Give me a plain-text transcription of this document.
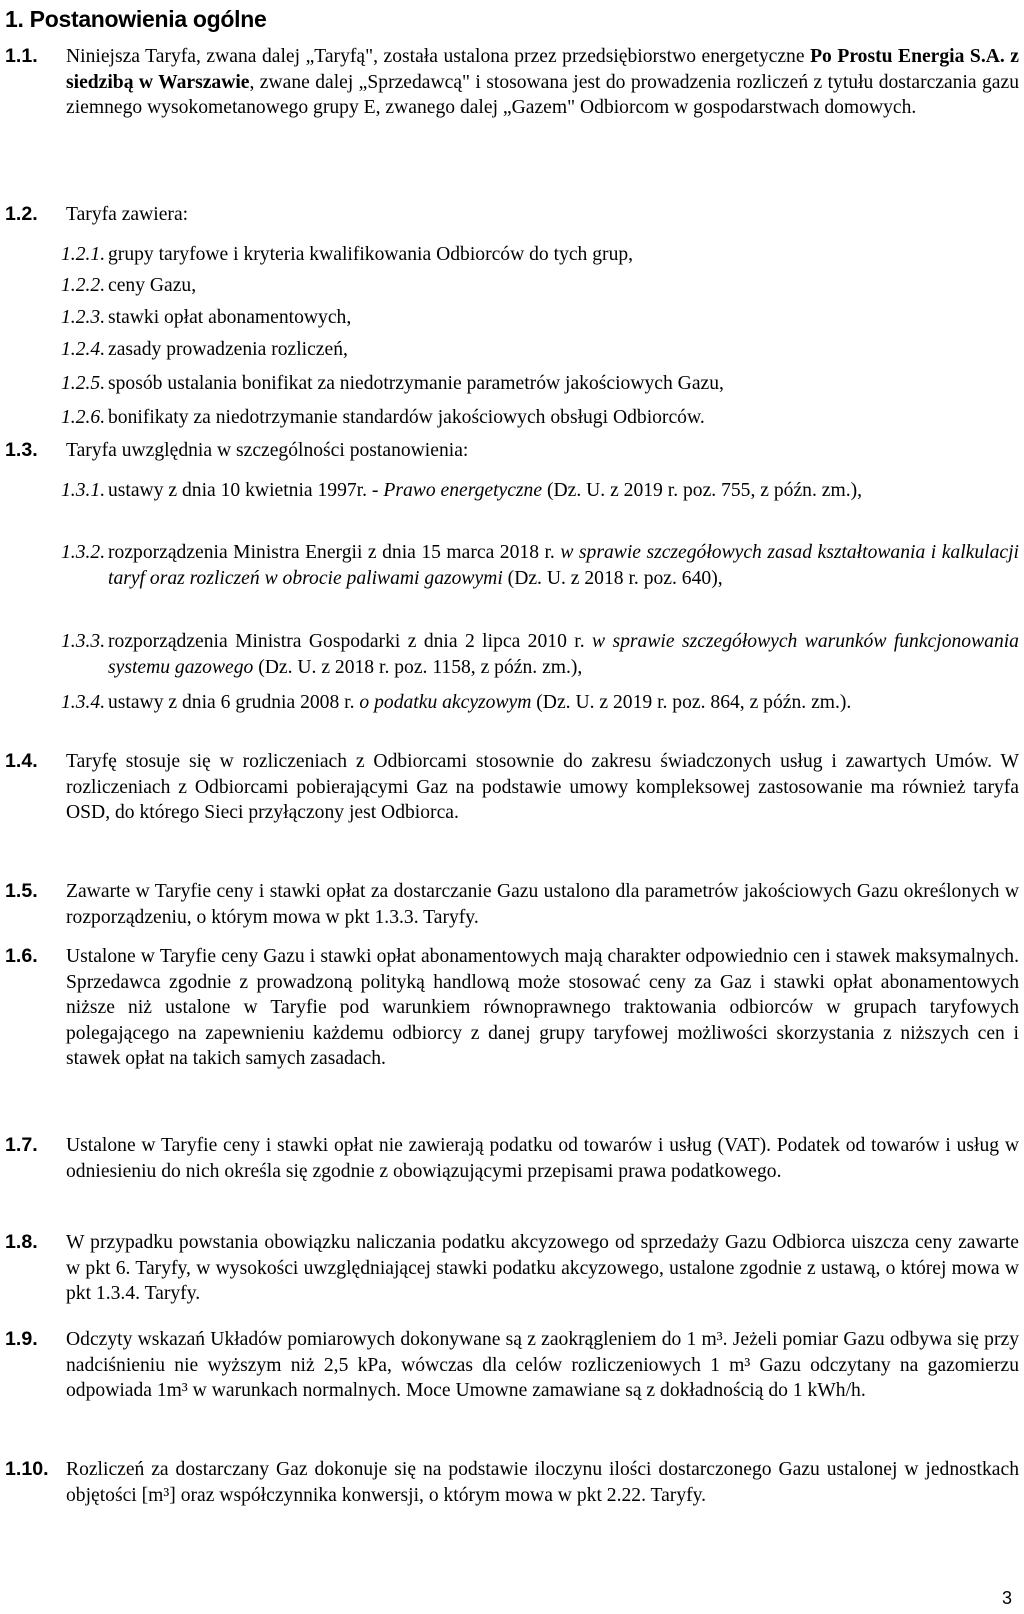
1. Postanowienia ogólne
1.1. Niniejsza Taryfa, zwana dalej „Taryfą", została ustalona przez przedsiębiorstwo energetyczne Po Prostu Energia S.A. z siedzibą w Warszawie, zwane dalej „Sprzedawcą" i stosowana jest do prowadzenia rozliczeń z tytułu dostarczania gazu ziemnego wysokometanowego grupy E, zwanego dalej „Gazem" Odbiorcom w gospodarstwach domowych.
1.2. Taryfa zawiera:
1.2.1. grupy taryfowe i kryteria kwalifikowania Odbiorców do tych grup,
1.2.2. ceny Gazu,
1.2.3. stawki opłat abonamentowych,
1.2.4. zasady prowadzenia rozliczeń,
1.2.5. sposób ustalania bonifikat za niedotrzymanie parametrów jakościowych Gazu,
1.2.6. bonifikaty za niedotrzymanie standardów jakościowych obsługi Odbiorców.
1.3. Taryfa uwzględnia w szczególności postanowienia:
1.3.1. ustawy z dnia 10 kwietnia 1997r. - Prawo energetyczne (Dz. U. z 2019 r. poz. 755, z późn. zm.),
1.3.2. rozporządzenia Ministra Energii z dnia 15 marca 2018 r. w sprawie szczegółowych zasad kształtowania i kalkulacji taryf oraz rozliczeń w obrocie paliwami gazowymi (Dz. U. z 2018 r. poz. 640),
1.3.3. rozporządzenia Ministra Gospodarki z dnia 2 lipca 2010 r. w sprawie szczegółowych warunków funkcjonowania systemu gazowego (Dz. U. z 2018 r. poz. 1158, z późn. zm.),
1.3.4. ustawy z dnia 6 grudnia 2008 r. o podatku akcyzowym (Dz. U. z 2019 r. poz. 864, z późn. zm.).
1.4. Taryfę stosuje się w rozliczeniach z Odbiorcami stosownie do zakresu świadczonych usług i zawartych Umów. W rozliczeniach z Odbiorcami pobierającymi Gaz na podstawie umowy kompleksowej zastosowanie ma również taryfa OSD, do którego Sieci przyłączony jest Odbiorca.
1.5. Zawarte w Taryfie ceny i stawki opłat za dostarczanie Gazu ustalono dla parametrów jakościowych Gazu określonych w rozporządzeniu, o którym mowa w pkt 1.3.3. Taryfy.
1.6. Ustalone w Taryfie ceny Gazu i stawki opłat abonamentowych mają charakter odpowiednio cen i stawek maksymalnych. Sprzedawca zgodnie z prowadzoną polityką handlową może stosować ceny za Gaz i stawki opłat abonamentowych niższe niż ustalone w Taryfie pod warunkiem równoprawnego traktowania odbiorców w grupach taryfowych polegającego na zapewnieniu każdemu odbiorcy z danej grupy taryfowej możliwości skorzystania z niższych cen i stawek opłat na takich samych zasadach.
1.7. Ustalone w Taryfie ceny i stawki opłat nie zawierają podatku od towarów i usług (VAT). Podatek od towarów i usług w odniesieniu do nich określa się zgodnie z obowiązującymi przepisami prawa podatkowego.
1.8. W przypadku powstania obowiązku naliczania podatku akcyzowego od sprzedaży Gazu Odbiorca uiszcza ceny zawarte w pkt 6. Taryfy, w wysokości uwzględniającej stawki podatku akcyzowego, ustalone zgodnie z ustawą, o której mowa w pkt 1.3.4. Taryfy.
1.9. Odczyty wskazań Układów pomiarowych dokonywane są z zaokrągleniem do 1 m³. Jeżeli pomiar Gazu odbywa się przy nadciśnieniu nie wyższym niż 2,5 kPa, wówczas dla celów rozliczeniowych 1 m³ Gazu odczytany na gazomierzu odpowiada 1m³ w warunkach normalnych. Moce Umowne zamawiane są z dokładnością do 1 kWh/h.
1.10. Rozliczeń za dostarczany Gaz dokonuje się na podstawie iloczynu ilości dostarczonego Gazu ustalonej w jednostkach objętości [m³] oraz współczynnika konwersji, o którym mowa w pkt 2.22. Taryfy.
3
